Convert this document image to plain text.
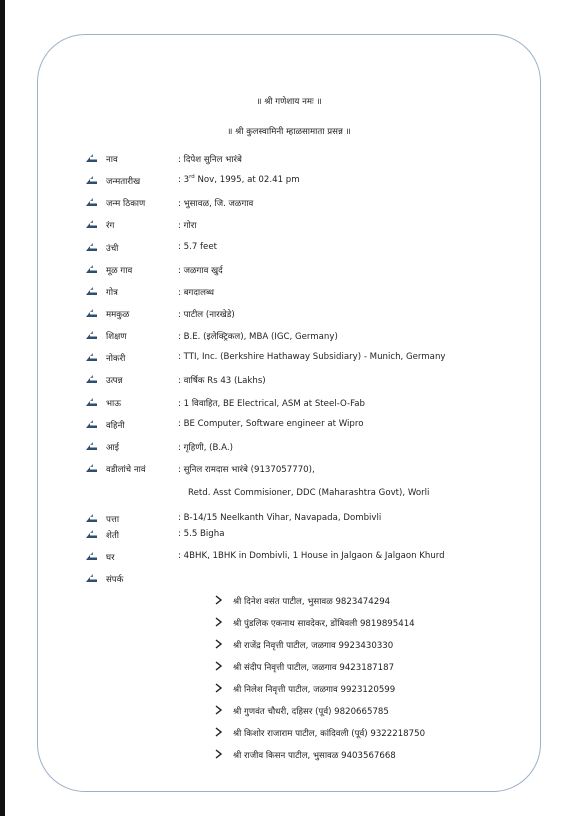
॥ श्री गणेशाय नमः ॥
॥ श्री कुलस्वामिनी म्हाळसामाता प्रसन्न ॥
नाव	: दिपेश सुनिल भारंबे
जन्मतारीख	: 3rd Nov, 1995, at 02.41 pm
जन्म ठिकाण	: भुसावळ, जि. जळगाव
रंग	: गोरा
उंची	: 5.7 feet
मूळ गाव	: जळगाव खुर्द
गोत्र	: बगदालब्ध
ममकुळ	: पाटील (नारखेडे)
शिक्षण	: B.E. (इलेक्ट्रिकल), MBA (IGC, Germany)
नोकरी	: TTI, Inc. (Berkshire Hathaway Subsidiary) - Munich, Germany
उत्पन्न	: वार्षिक Rs 43 (Lakhs)
भाऊ	: 1 विवाहित, BE Electrical, ASM at Steel-O-Fab
वहिनी	: BE Computer, Software engineer at Wipro
आई	: गृहिणी, (B.A.)
वडीलांचे नावं	: सुनिल रामदास भारंबे (9137057770),
Retd. Asst Commisioner, DDC (Maharashtra Govt), Worli
पत्ता	: B-14/15 Neelkanth Vihar, Navapada, Dombivli
शेती	: 5.5 Bigha
घर	: 4BHK, 1BHK in Dombivli, 1 House in Jalgaon & Jalgaon Khurd
संपर्क
श्री दिनेश वसंत पाटील, भुसावळ 9823474294
श्री पुंडलिक एकनाथ सावदेकर, डोंबिवली 9819895414
श्री राजेंद्र निवृत्ती पाटील, जळगाव 9923430330
श्री संदीप निवृत्ती पाटील, जळगाव 9423187187
श्री निलेश निवृत्ती पाटील, जळगाव 9923120599
श्री गुणवंत चौधरी, दहिसर (पूर्व) 9820665785
श्री किशोर राजाराम पाटील, कांदिवली (पूर्व) 9322218750
श्री राजीव किसन पाटील, भुसावळ 9403567668
